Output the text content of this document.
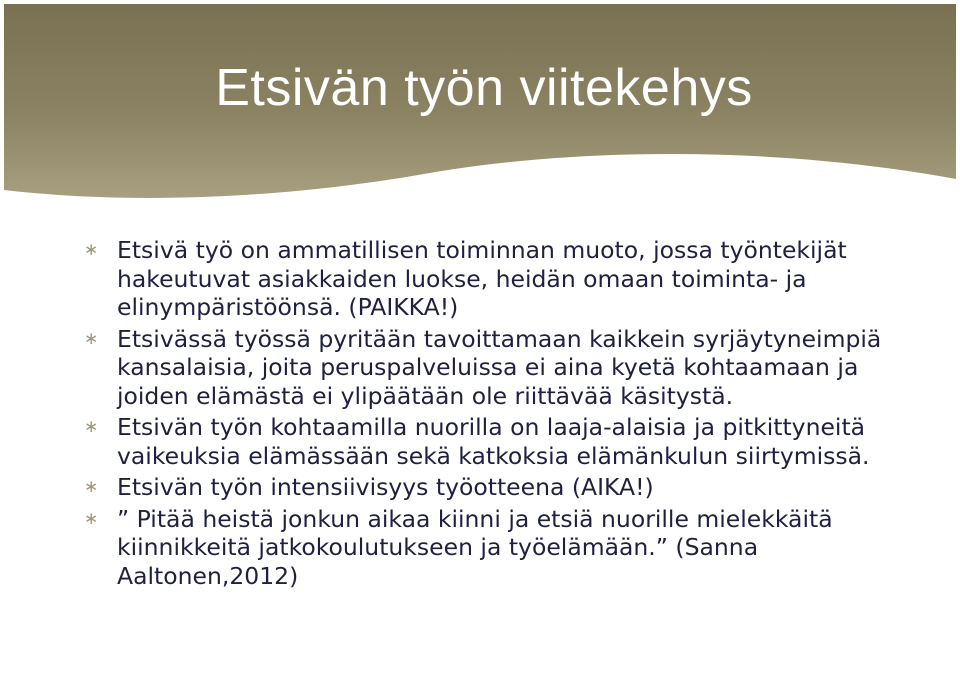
Etsivän työn viitekehys
∗ Etsivä työ on ammatillisen toiminnan muoto, jossa työntekijät hakeutuvat asiakkaiden luokse, heidän omaan toiminta- ja elinympäristöönsä. (PAIKKA!)
∗ Etsivässä työssä pyritään tavoittamaan kaikkein syrjäytyneimpiä kansalaisia, joita peruspalveluissa ei aina kyetä kohtaamaan ja joiden elämästä ei ylipäätään ole riittävää käsitystä.
∗ Etsivän työn kohtaamilla nuorilla on laaja-alaisia ja pitkittyneitä vaikeuksia elämässään sekä katkoksia elämänkulun siirtymissä.
∗ Etsivän työn intensiivisyys työotteena (AIKA!)
∗ ” Pitää heistä jonkun aikaa kiinni ja etsiä nuorille mielekkäitä kiinnikkeitä jatkokoulutukseen ja työelämään.” (Sanna Aaltonen,2012)
